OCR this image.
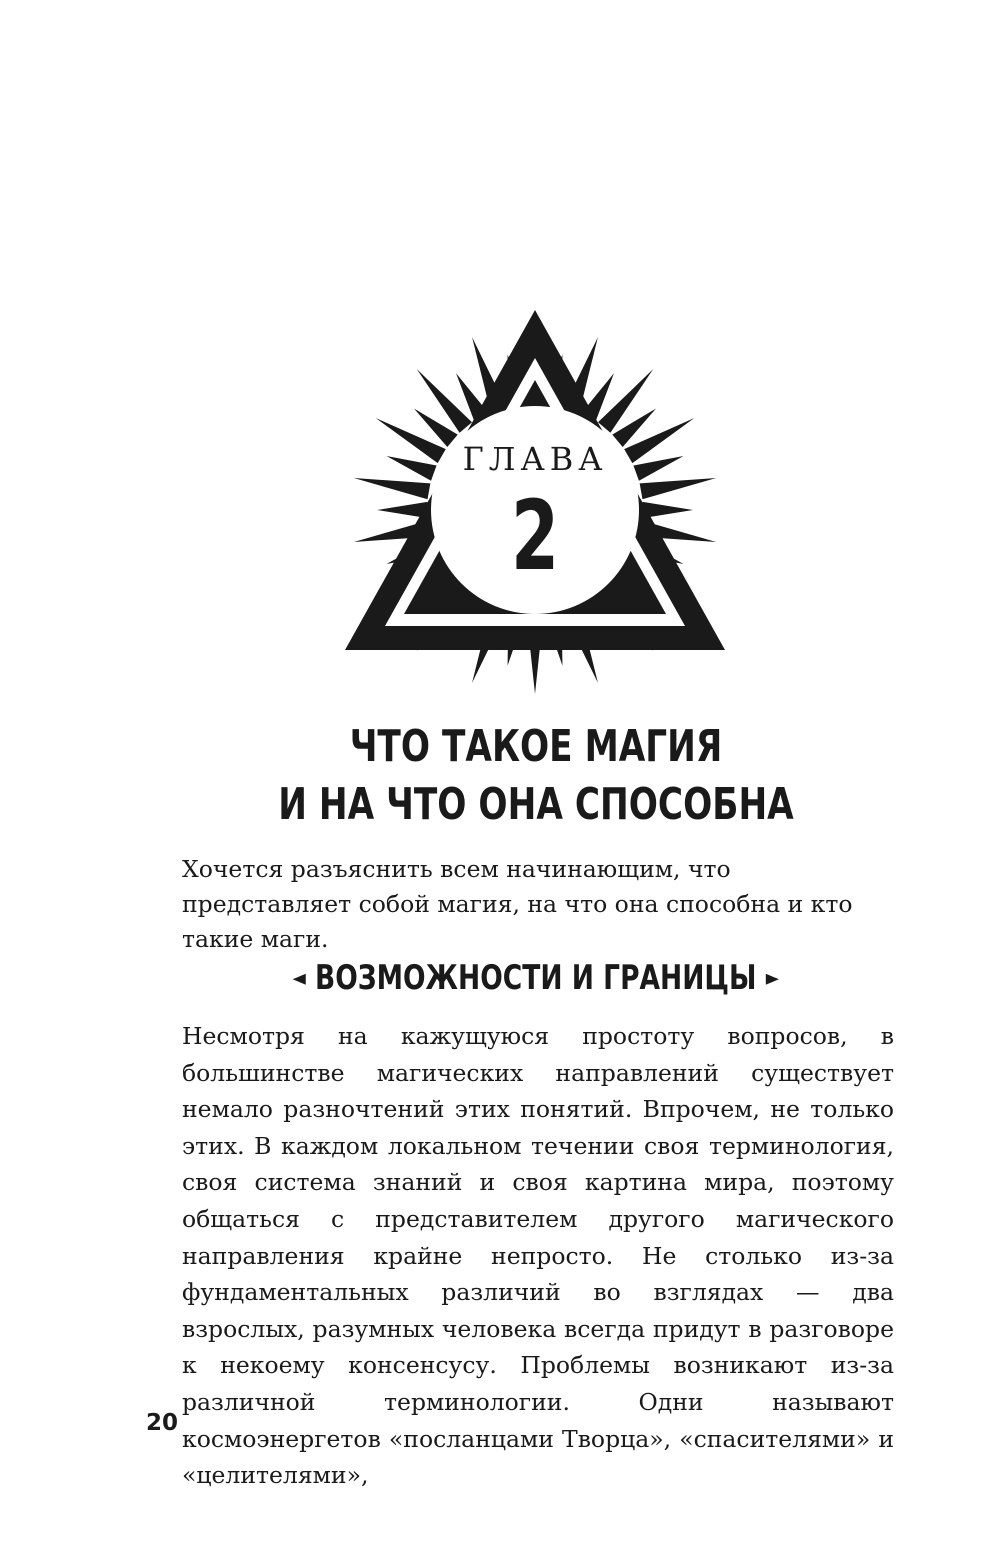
ГЛАВА
2
ЧТО ТАКОЕ МАГИЯ
И НА ЧТО ОНА СПОСОБНА

Хочется разъяснить всем начинающим, что представляет собой магия, на что она способна и кто такие маги.

◄ ВОЗМОЖНОСТИ И ГРАНИЦЫ ►

Несмотря на кажущуюся простоту вопросов, в большинстве магических направлений существует немало разночтений этих понятий. Впрочем, не только этих. В каждом локальном течении своя терминология, своя система знаний и своя картина мира, поэтому общаться с представителем другого магического направления крайне непросто. Не столько из-за фундаментальных различий во взглядах — два взрослых, разумных человека всегда придут в разговоре к некоему консенсусу. Проблемы возникают из-за различной терминологии. Одни называют космоэнергетов «посланцами Творца», «спасителями» и «целителями»,

20
